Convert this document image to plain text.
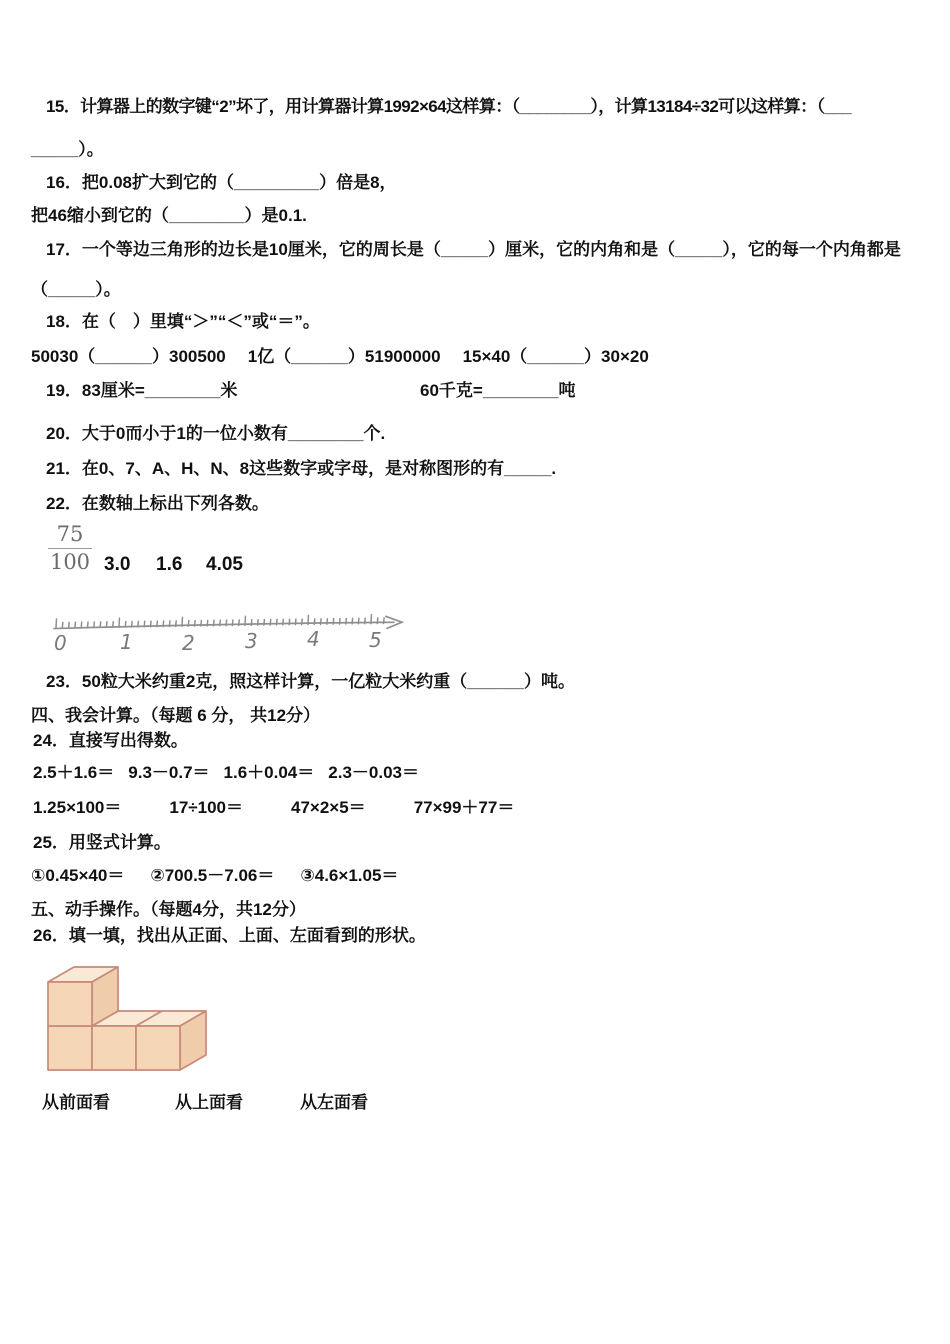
15．计算器上的数字键“2”坏了，用计算器计算1992×64这样算：（________），计算13184÷32可以这样算：（___
_____）。
16．把0.08扩大到它的（_________）倍是8，
把46缩小到它的（________）是0.1.
17．一个等边三角形的边长是10厘米，它的周长是（_____）厘米，它的内角和是（_____），它的每一个内角都是
（_____）。
18．在（　）里填“＞”“＜”或“＝”。
50030（______）300500 1亿（______）51900000 15×40（______）30×20
19．83厘米=________米	60千克=________吨
20．大于0而小于1的一位小数有________个.
21．在0、7、A、H、N、8这些数字或字母，是对称图形的有_____.
22．在数轴上标出下列各数。
$\frac{75}{100} 3.0$ 1.6 4.05
0	1 2	3 4 5
23．50粒大米约重2克，照这样计算，一亿粒大米约重（______）吨。
四、我会计算。（每题 6 分， 共12分）
24．直接写出得数。
2.5＋1.6＝ 9.3－0.7＝ 1.6＋0.04＝ 2.3－0.03＝
1.25×100＝	17÷100＝	47×2×5＝	77×99＋77＝
25．用竖式计算。
①0.45×40＝ ②700.5－7.06＝ ③4.6×1.05＝
五、动手操作。（每题4分，共12分）
26．填一填，找出从正面、上面、左面看到的形状。
从前面看	从上面看	从左面看
